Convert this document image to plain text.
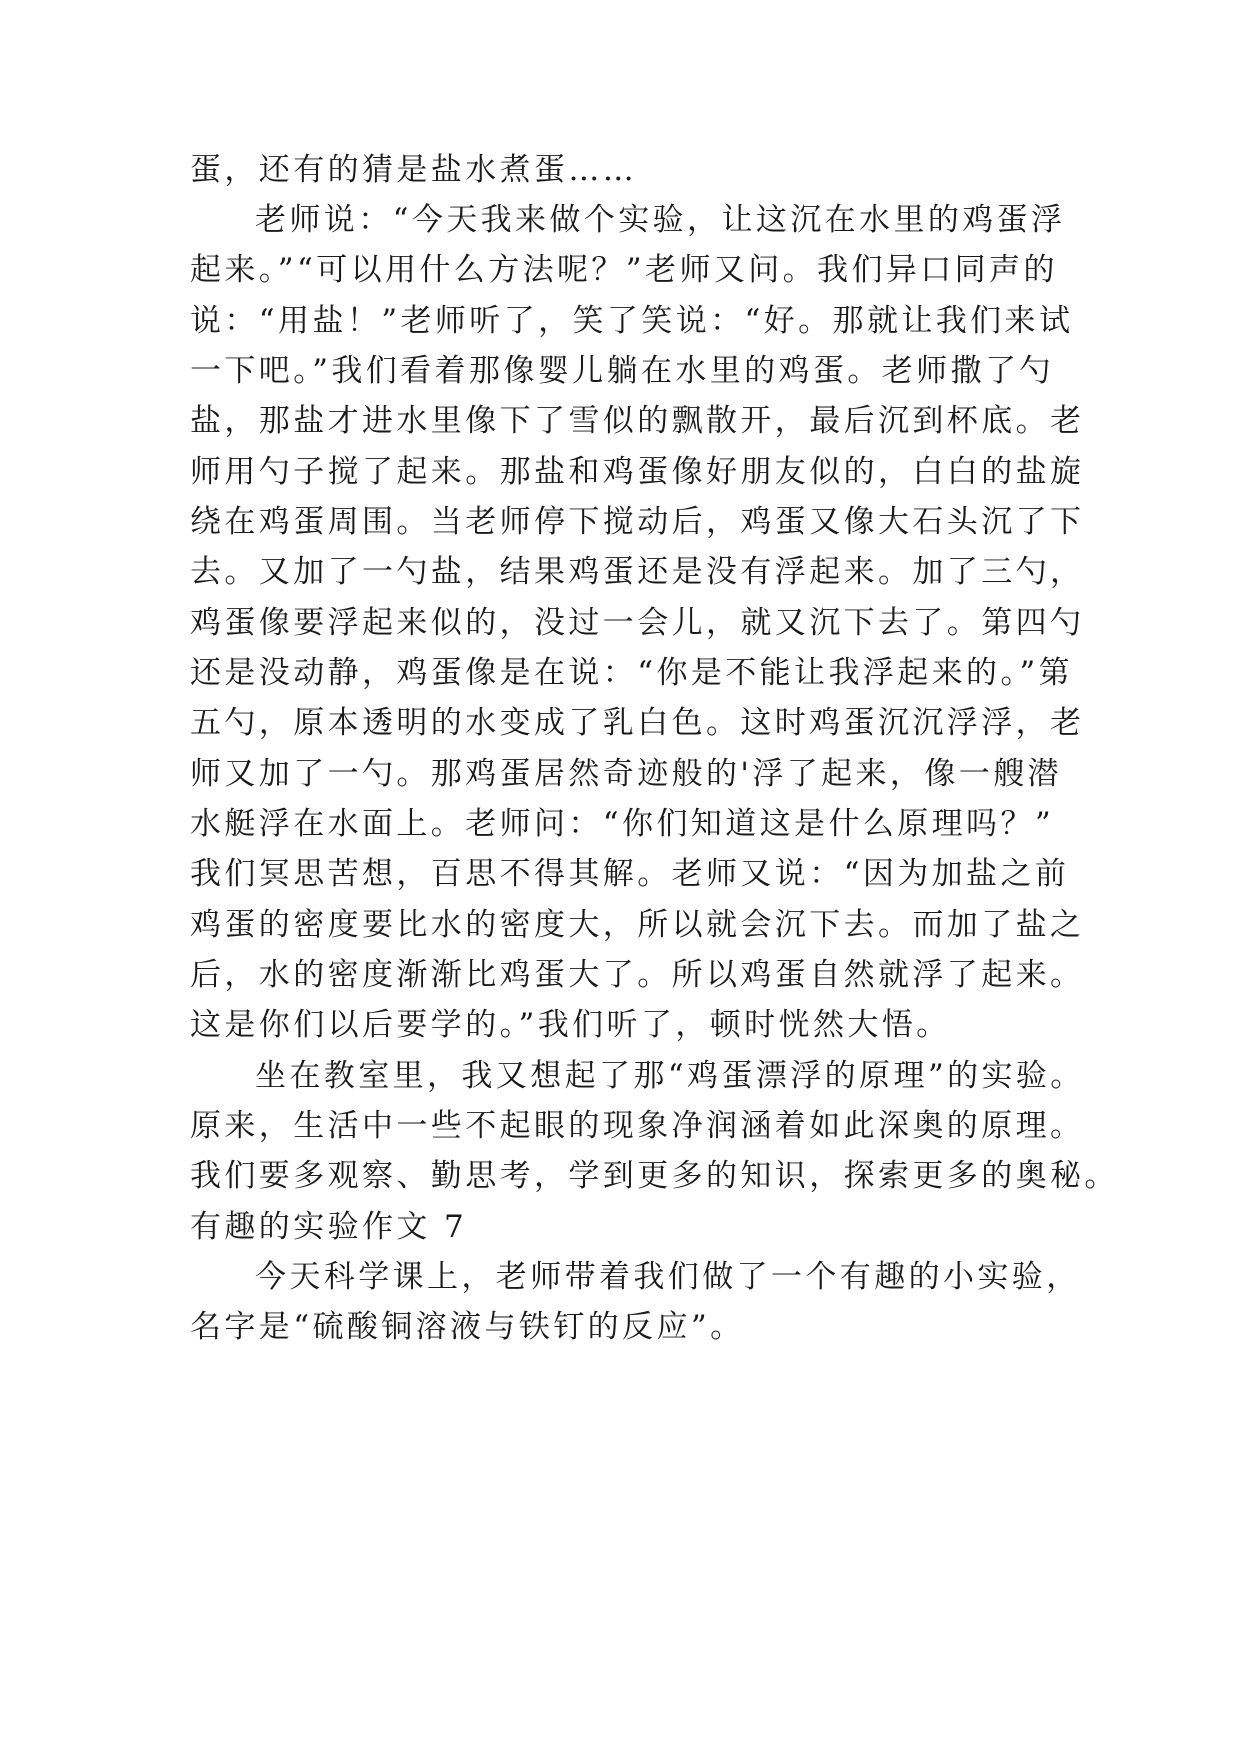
蛋，还有的猜是盐水煮蛋……
老师说：“今天我来做个实验，让这沉在水里的鸡蛋浮
起来。”“可以用什么方法呢？”老师又问。我们异口同声的
说：“用盐！”老师听了，笑了笑说：“好。那就让我们来试
一下吧。”我们看着那像婴儿躺在水里的鸡蛋。老师撒了勺
盐，那盐才进水里像下了雪似的飘散开，最后沉到杯底。老
师用勺子搅了起来。那盐和鸡蛋像好朋友似的，白白的盐旋
绕在鸡蛋周围。当老师停下搅动后，鸡蛋又像大石头沉了下
去。又加了一勺盐，结果鸡蛋还是没有浮起来。加了三勺，
鸡蛋像要浮起来似的，没过一会儿，就又沉下去了。第四勺
还是没动静，鸡蛋像是在说：“你是不能让我浮起来的。”第
五勺，原本透明的水变成了乳白色。这时鸡蛋沉沉浮浮，老
师又加了一勺。那鸡蛋居然奇迹般的'浮了起来，像一艘潜
水艇浮在水面上。老师问：“你们知道这是什么原理吗？”
我们冥思苦想，百思不得其解。老师又说：“因为加盐之前
鸡蛋的密度要比水的密度大，所以就会沉下去。而加了盐之
后，水的密度渐渐比鸡蛋大了。所以鸡蛋自然就浮了起来。
这是你们以后要学的。”我们听了，顿时恍然大悟。
坐在教室里，我又想起了那“鸡蛋漂浮的原理”的实验。
原来，生活中一些不起眼的现象净润涵着如此深奥的原理。
我们要多观察、勤思考，学到更多的知识，探索更多的奥秘。
有趣的实验作文 7
今天科学课上，老师带着我们做了一个有趣的小实验，
名字是“硫酸铜溶液与铁钉的反应”。
